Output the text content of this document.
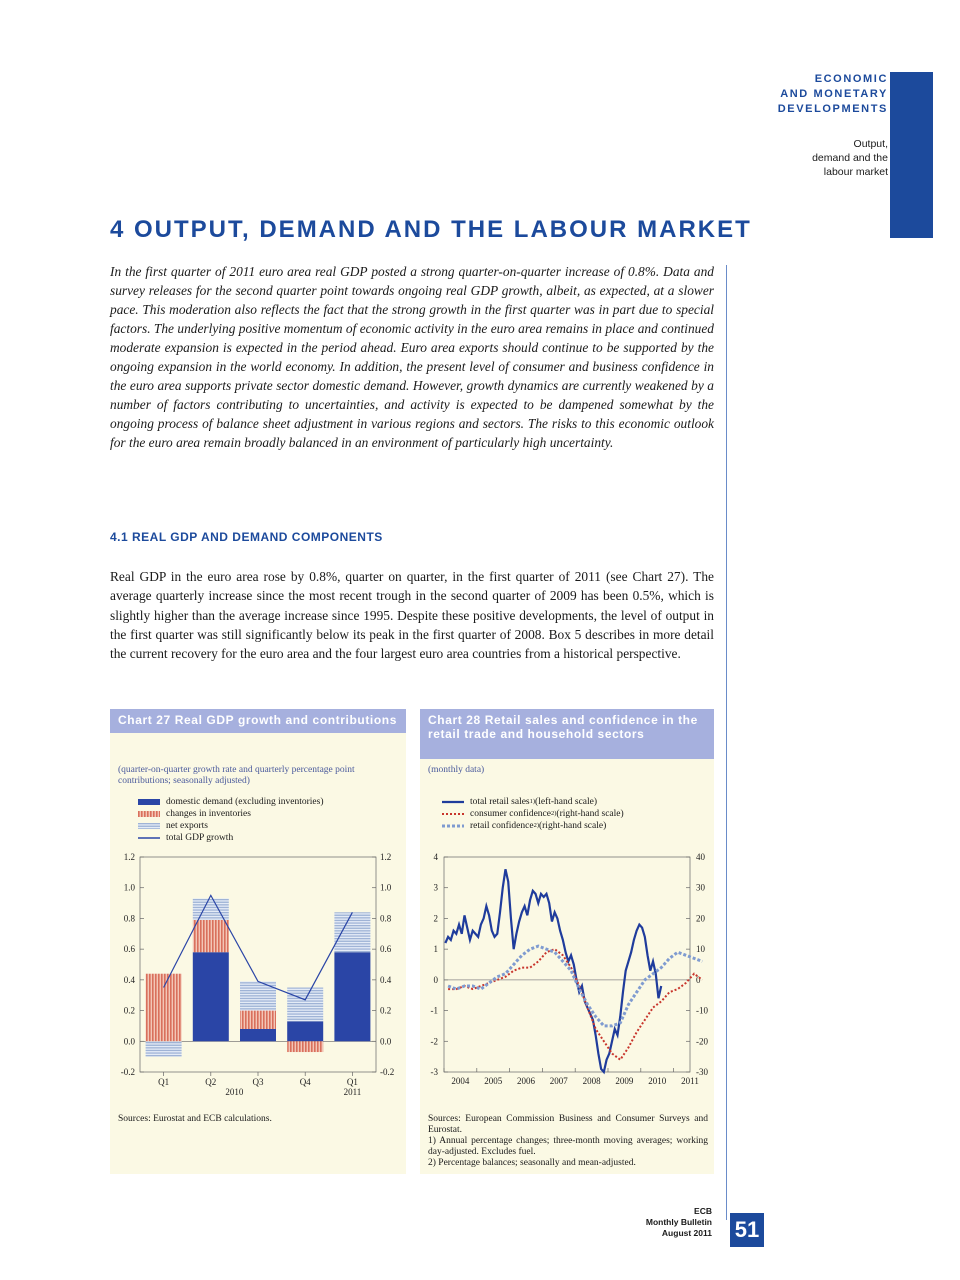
ECONOMIC
AND MONETARY
DEVELOPMENTS
Output,
demand and the
labour market
4 OUTPUT, DEMAND AND THE LABOUR MARKET
In the first quarter of 2011 euro area real GDP posted a strong quarter-on-quarter increase of 0.8%. Data and survey releases for the second quarter point towards ongoing real GDP growth, albeit, as expected, at a slower pace. This moderation also reflects the fact that the strong growth in the first quarter was in part due to special factors. The underlying positive momentum of economic activity in the euro area remains in place and continued moderate expansion is expected in the period ahead. Euro area exports should continue to be supported by the ongoing expansion in the world economy. In addition, the present level of consumer and business confidence in the euro area supports private sector domestic demand. However, growth dynamics are currently weakened by a number of factors contributing to uncertainties, and activity is expected to be dampened somewhat by the ongoing process of balance sheet adjustment in various regions and sectors. The risks to this economic outlook for the euro area remain broadly balanced in an environment of particularly high uncertainty.
4.1 REAL GDP AND DEMAND COMPONENTS
Real GDP in the euro area rose by 0.8%, quarter on quarter, in the first quarter of 2011 (see Chart 27). The average quarterly increase since the most recent trough in the second quarter of 2009 has been 0.5%, which is slightly higher than the average increase since 1995. Despite these positive developments, the level of output in the first quarter was still significantly below its peak in the first quarter of 2008. Box 5 describes in more detail the current recovery for the euro area and the four largest euro area countries from a historical perspective.
Chart 27 Real GDP growth and contributions
(quarter-on-quarter growth rate and quarterly percentage point contributions; seasonally adjusted)
domestic demand (excluding inventories)
changes in inventories
net exports
total GDP growth
-0.2	-0.2
0.0	0.0
0.2	0.2
0.4	0.4
0.6	0.6
0.8	0.8
1.0	1.0
1.2	1.2
Q1	Q2	Q3	Q4	Q1
2010	2011
Sources: Eurostat and ECB calculations.
Chart 28 Retail sales and confidence in the retail trade and household sectors
(monthly data)
total retail sales 1) (left-hand scale)
consumer confidence 2) (right-hand scale)
retail confidence 2) (right-hand scale)
-3	-30
-2	-20
-1	-10
0	0
1	10
2	20
3	30
4	40
2004 2005 2006 2007 2008 2009 2010 2011
Sources: European Commission Business and Consumer Surveys and Eurostat.
1) Annual percentage changes; three-month moving averages; working day-adjusted. Excludes fuel.
2) Percentage balances; seasonally and mean-adjusted.
ECB
Monthly Bulletin
August 2011 51
